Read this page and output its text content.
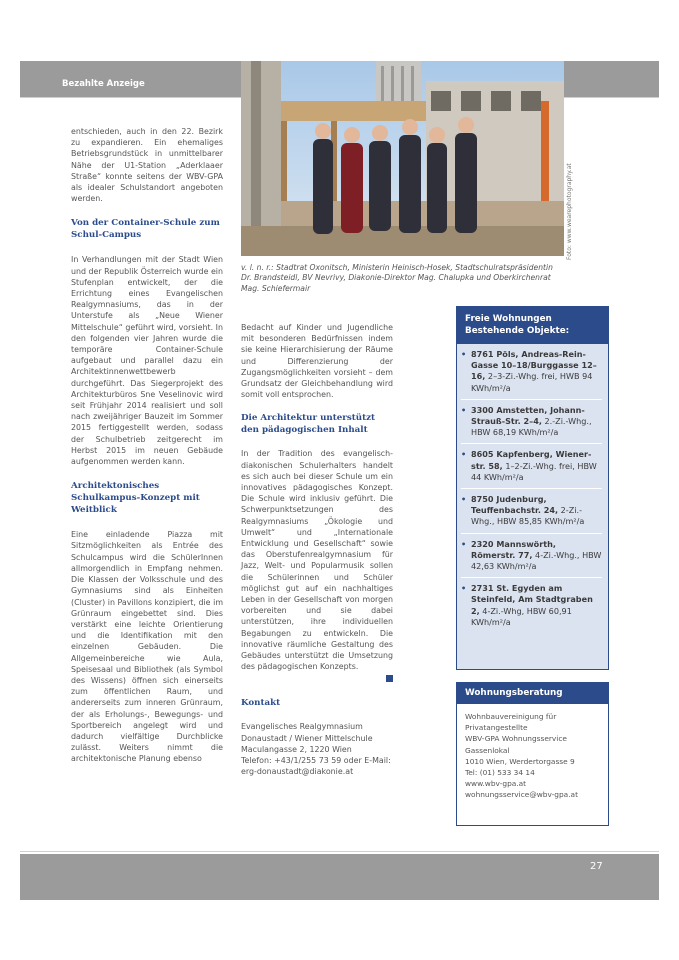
Bezahlte Anzeige
Foto: www.wearephotography.at
v. l. n. r.: Stadtrat Oxonitsch, Ministerin Heinisch-Hosek, Stadtschulratspräsidentin Dr. Brandsteidl, BV Nevrivy, Diakonie-Direktor Mag. Chalupka und Oberkirchenrat Mag. Schiefermair

entschieden, auch in den 22. Bezirk zu expandieren. Ein ehemaliges Betriebsgrundstück in unmittelbarer Nähe der U1-Station „Aderklaaer Straße“ konnte seitens der WBV-GPA als idealer Schulstandort angeboten werden.

Von der Container-Schule zum Schul-Campus

In Verhandlungen mit der Stadt Wien und der Republik Österreich wurde ein Stufenplan entwickelt, der die Errichtung eines Evangelischen Realgymnasiums, das in der Unterstufe als „Neue Wiener Mittelschule“ geführt wird, vorsieht. In den folgenden vier Jahren wurde die temporäre Container-Schule aufgebaut und parallel dazu ein Architektinnenwettbewerb durchgeführt. Das Siegerprojekt des Architekturbüros Sne Veselinovic wird seit Frühjahr 2014 realisiert und soll nach zweijähriger Bauzeit im Sommer 2015 fertiggestellt werden, sodass der Schulbetrieb zeitgerecht im Herbst 2015 im neuen Gebäude aufgenommen werden kann.

Architektonisches Schulkampus-Konzept mit Weitblick

Eine einladende Piazza mit Sitzmöglichkeiten als Entrée des Schulcampus wird die SchülerInnen allmorgendlich in Empfang nehmen. Die Klassen der Volksschule und des Gymnasiums sind als Einheiten (Cluster) in Pavillons konzipiert, die im Grünraum eingebettet sind. Dies verstärkt eine leichte Orientierung und die Identifikation mit den einzelnen Gebäuden. Die Allgemeinbereiche wie Aula, Speisesaal und Bibliothek (als Symbol des Wissens) öffnen sich einerseits zum öffentlichen Raum, und andererseits zum inneren Grünraum, der als Erholungs-, Bewegungs- und Sportbereich angelegt wird und dadurch vielfältige Durchblicke zulässt. Weiters nimmt die architektonische Planung ebenso

Bedacht auf Kinder und Jugendliche mit besonderen Bedürfnissen indem sie keine Hierarchisierung der Räume und Differenzierung der Zugangsmöglichkeiten vorsieht – dem Grundsatz der Gleichbehandlung wird somit voll entsprochen.

Die Architektur unterstützt den pädagogischen Inhalt

In der Tradition des evangelisch-diakonischen Schulerhalters handelt es sich auch bei dieser Schule um ein innovatives pädagogisches Konzept. Die Schule wird inklusiv geführt. Die Schwerpunktsetzungen des Realgymnasiums „Ökologie und Umwelt“ und „Internationale Entwicklung und Gesellschaft“ sowie das Oberstufenrealgymnasium für Jazz, Welt- und Popularmusik sollen die Schülerinnen und Schüler möglichst gut auf ein nachhaltiges Leben in der Gesellschaft von morgen vorbereiten und sie dabei unterstützen, ihre individuellen Begabungen zu entwickeln. Die innovative räumliche Gestaltung des Gebäudes unterstützt die Umsetzung des pädagogischen Konzepts.

Kontakt
Evangelisches Realgymnasium
Donaustadt / Wiener Mittelschule
Maculangasse 2, 1220 Wien
Telefon: +43/1/255 73 59 oder E-Mail:
erg-donaustadt@diakonie.at
Freie Wohnungen
Bestehende Objekte:
• 8761 Pöls, Andreas-Rein-Gasse 10–18/Burggasse 12–16, 2–3-Zi.-Whg. frei, HWB 94 KWh/m²/a
• 3300 Amstetten, Johann-Strauß-Str. 2–4, 2.-Zi.-Whg., HBW 68,19 KWh/m²/a
• 8605 Kapfenberg, Wiener-str. 58, 1–2-Zi.-Whg. frei, HBW 44 KWh/m²/a
• 8750 Judenburg, Teuffenbachstr. 24, 2-Zi.-Whg., HBW 85,85 KWh/m²/a
• 2320 Mannswörth, Römerstr. 77, 4-Zi.-Whg., HBW 42,63 KWh/m²/a
• 2731 St. Egyden am Steinfeld, Am Stadtgraben 2, 4-Zi.-Whg, HBW 60,91 KWh/m²/a
Wohnungsberatung
Wohnbauvereinigung für
Privatangestellte
WBV-GPA Wohnungsservice
Gassenlokal
1010 Wien, Werdertorgasse 9
Tel: (01) 533 34 14
www.wbv-gpa.at
wohnungsservice@wbv-gpa.at
27
